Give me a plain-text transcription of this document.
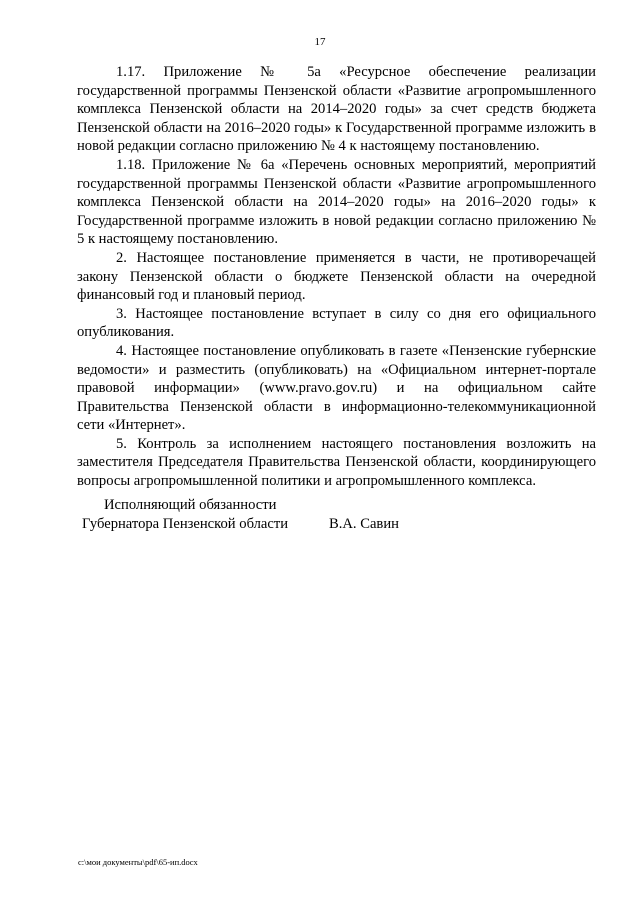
17

1.17. Приложение № 5а «Ресурсное обеспечение реализации государственной программы Пензенской области «Развитие агропромышленного комплекса Пензенской области на 2014–2020 годы» за счет средств бюджета Пензенской области на 2016–2020 годы» к Государственной программе изложить в новой редакции согласно приложению № 4 к настоящему постановлению.

1.18. Приложение № 6а «Перечень основных мероприятий, мероприятий государственной программы Пензенской области «Развитие агропромышленного комплекса Пензенской области на 2014–2020 годы» на 2016–2020 годы» к Государственной программе изложить в новой редакции согласно приложению № 5 к настоящему постановлению.

2. Настоящее постановление применяется в части, не противоречащей закону Пензенской области о бюджете Пензенской области на очередной финансовый год и плановый период.

3. Настоящее постановление вступает в силу со дня его официального опубликования.

4. Настоящее постановление опубликовать в газете «Пензенские губернские ведомости» и разместить (опубликовать) на «Официальном интернет-портале правовой информации» (www.pravo.gov.ru) и на официальном сайте Правительства Пензенской области в информационно-телекоммуникационной сети «Интернет».

5. Контроль за исполнением настоящего постановления возложить на заместителя Председателя Правительства Пензенской области, координирующего вопросы агропромышленной политики и агропромышленного комплекса.

Исполняющий обязанности
Губернатора Пензенской области	В.А. Савин
c:\мои документы\pdf\65-ип.docx
